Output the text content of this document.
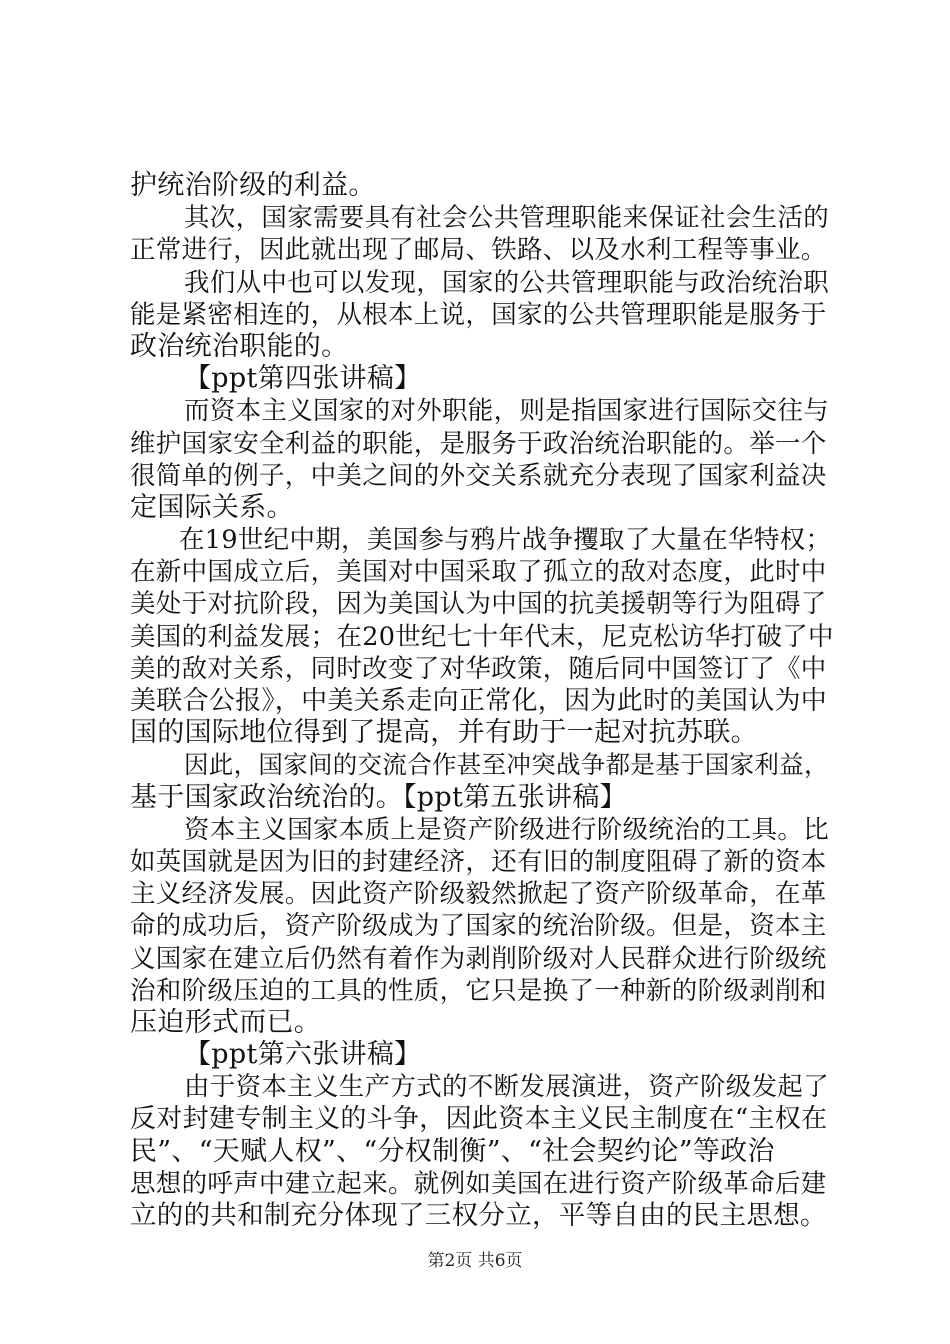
护统治阶级的利益。
其次，国家需要具有社会公共管理职能来保证社会生活的
正常进行，因此就出现了邮局、铁路、以及水利工程等事业。
我们从中也可以发现，国家的公共管理职能与政治统治职
能是紧密相连的，从根本上说，国家的公共管理职能是服务于
政治统治职能的。
【ppt第四张讲稿】
而资本主义国家的对外职能，则是指国家进行国际交往与
维护国家安全利益的职能，是服务于政治统治职能的。举一个
很简单的例子，中美之间的外交关系就充分表现了国家利益决
定国际关系。
在19世纪中期，美国参与鸦片战争攫取了大量在华特权；
在新中国成立后，美国对中国采取了孤立的敌对态度，此时中
美处于对抗阶段，因为美国认为中国的抗美援朝等行为阻碍了
美国的利益发展；在20世纪七十年代末，尼克松访华打破了中
美的敌对关系，同时改变了对华政策，随后同中国签订了《中
美联合公报》，中美关系走向正常化，因为此时的美国认为中
国的国际地位得到了提高，并有助于一起对抗苏联。
因此，国家间的交流合作甚至冲突战争都是基于国家利益，
基于国家政治统治的。【ppt第五张讲稿】
资本主义国家本质上是资产阶级进行阶级统治的工具。比
如英国就是因为旧的封建经济，还有旧的制度阻碍了新的资本
主义经济发展。因此资产阶级毅然掀起了资产阶级革命，在革
命的成功后，资产阶级成为了国家的统治阶级。但是，资本主
义国家在建立后仍然有着作为剥削阶级对人民群众进行阶级统
治和阶级压迫的工具的性质，它只是换了一种新的阶级剥削和
压迫形式而已。
【ppt第六张讲稿】
由于资本主义生产方式的不断发展演进，资产阶级发起了
反对封建专制主义的斗争，因此资本主义民主制度在“主权在
民”、“天赋人权”、“分权制衡”、“社会契约论”等政治
思想的呼声中建立起来。就例如美国在进行资产阶级革命后建
立的的共和制充分体现了三权分立，平等自由的民主思想。
第2页 共6页
